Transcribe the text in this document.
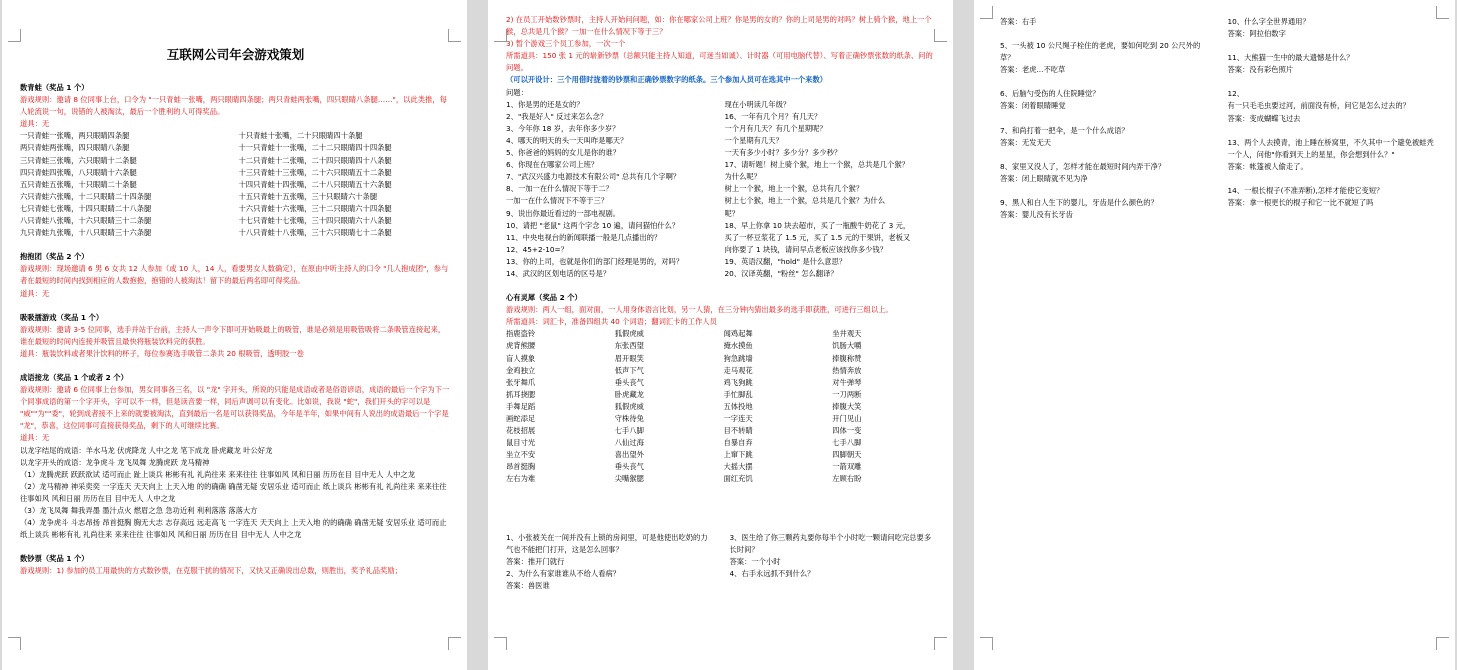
互联网公司年会游戏策划
数青蛙（奖品 1 个）
游戏规则：邀请 8 位同事上台，口令为 "一只青蛙一张嘴，两只眼睛四条腿；两只青蛙两张嘴，四只眼睛八条腿……"，以此类推，每人轮流说一句，说错的人被淘汰，最后一个胜利的人可得奖品。
道具：无
一只青蛙一张嘴，两只眼睛四条腿	十只青蛙十张嘴，二十只眼睛四十条腿
两只青蛙两张嘴，四只眼睛八条腿	十一只青蛙十一张嘴，二十二只眼睛四十四条腿
三只青蛙三张嘴，六只眼睛十二条腿	十二只青蛙十二张嘴，二十四只眼睛四十八条腿
四只青蛙四张嘴，八只眼睛十六条腿	十三只青蛙十三张嘴，二十六只眼睛五十二条腿
五只青蛙五张嘴，十只眼睛二十条腿	十四只青蛙十四张嘴，二十八只眼睛五十六条腿
六只青蛙六张嘴，十二只眼睛二十四条腿	十五只青蛙十五张嘴，三十只眼睛六十条腿
七只青蛙七张嘴，十四只眼睛二十八条腿	十六只青蛙十六张嘴，三十二只眼睛六十四条腿
八只青蛙八张嘴，十六只眼睛三十二条腿	十七只青蛙十七张嘴，三十四只眼睛六十八条腿
九只青蛙九张嘴，十八只眼睛三十六条腿	十八只青蛙十八张嘴，三十六只眼睛七十二条腿
抱抱团（奖品 2 个）
游戏规则：现场邀请 6 男 6 女共 12 人参加（或 10 人，14 人，看要男女人数确定），在原由中听主持人的口令 "几人抱成团"，参与者在最短的时间内找到相应的人数抱抱，抱错的人被淘汰！留下的最后两名即可得奖品。
道具：无
吸吸擂游戏（奖品 1 个）
游戏规则：邀请 3-5 位同事，选手并站于台前，主持人一声令下即可开始吸最上的吸管，谁是必须是用吸管吸将二条吸管连接起来，谁在最短的时间内连接并吸管且最快将瓶装饮料完的获胜。
道具：瓶装饮料或者果汁饮料的杯子，每位参赛选手吸管二条共 20 根吸管，透明胶一卷
成语接龙（奖品 1 个或者 2 个）
游戏规则：邀请 6 位同事上台参加，男女同事各三名，以 "龙" 字开头，所说的只能是成语或者是俗语谚语，成语的最后一个字为下一个同事成语的第一个字开头，字可以不一样，但是读音要一样，同后声调可以有变化。比如说，我说 "蛇"，我们开头的字可以是 "威""为""委"，轮到成者接不上来的就要被淘汰，直到最后一名是可以获得奖品，今年是羊年，如果中间有人说出的成语最后一个字是 "龙"，恭喜，这位同事可直接获得奖品，剩下的人可继续比赛。
道具：无
以龙字结尾的成语：羊水马龙 伏虎降龙 人中之龙 笔下成龙 卧虎藏龙 叶公好龙
以龙字开头的成语：龙争虎斗 龙飞凤舞 龙腾虎跃 龙马精神
（1）龙腾虎跃 跃跃欲试 适可而止 趾上谈兵 彬彬有礼 礼尚往来 来来往往 往事如风 风和日丽 历历在目 目中无人 人中之龙
（2）龙马精神 神采奕奕 一字连天 天天向上 上天入地 的的确确 确凿无疑 安居乐业 适可而止 纸上谈兵 彬彬有礼 礼尚往来 来来往往 往事如风 风和日丽 历历在目 目中无人 人中之龙
（3）龙飞凤舞 舞我弄墨 墨汁点火 燃眉之急 急功近利 利利落落 落落大方
（4）龙争虎斗 斗志昂扬 昂首挺胸 胸无大志 志存高远 远走高飞 一字连天 天天向上 上天入地 的的确确 确凿无疑 安居乐业 适可而止 纸上谈兵 彬彬有礼 礼尚往来 来来往往 往事如风 风和日丽 历历在目 目中无人 人中之龙
数钞票（奖品 1 个）
游戏规则：1) 参加的员工用最快的方式数钞票，在克服干扰的情况下，又快又正确说出总数，则胜出，奖予礼品奖励；
2) 在员工开始数钞票时，主持人开始问问题，如：你在哪家公司上班？你是男的女的？你的上司是男的对吗？树上骑个猴，地上一个猴，总共是几个猴？一加一在什么情况下等于三？
3) 暂个游戏三个员工参加，一次一个
所需道具：150 张 1 元的崭新钞票（总额只能主持人知道，可迷当如诚）、计时器（可用电脑代替）、写着正确钞票张数的纸条、问的问题。
（可以开设计：三个用借时拢着的钞票和正确钞票数字的纸条。三个参加人员可在选其中一个来数）
问题：
1、你是男的还是女的？	现在小明读几年级？
2、"我是好人" 反过来怎么念？	16、一年有几个月？有几天？
3、今年你 18 岁，去年你多少岁？	一个月有几天？有几个星期呢？
4、哪天的明天的头一天叫昨是哪天？	一个星期有几天？
5、你爸爸的妈妈的女儿是你的谁？	一天有多少小时？多少分？多少秒？
6、你现在在哪家公司上班？	17、请听题！树上骑个猴，地上一个猴，总共是几个猴？
7、"武汉兴盛力电源技术有限公司" 总共有几个字啊？	为什么呢？
8、一加一在什么情况下等于二？	树上一个猴，地上一个猴，总共有几个猴？
一加一在什么情况下不等于三？	树上七个猴，地上一个猴，总共是几个猴？为什么
9、说出你最近看过的一部电视剧。	呢？
10、请把 "老鼠" 这两个字念 10 遍，请问猫怕什么？	18、早上你拿 10 块去超市，买了一瓶酸牛奶花了 3 元，
11、中央电视台的新闻联播一般是几点播出的？	买了一杯豆浆花了 1.5 元，买了 1.5 元的干果饼，老板又
12、45+2-10=？	向你要了 1 块钱，请问早点老板应该找你多少钱？
13、你的上司，也就是你们的部门经理是男的，对吗？	19、英语汉翻，"hold" 是什么意思？
14、武汉的区划电话的区号是？	20、汉译英翻，"粉丝" 怎么翻译？
心有灵犀（奖品 2 个）
游戏规则：两人一组，面对面，一人用身体语言比划，另一人猜，在三分钟内猜出最多的选手即获胜，可进行三组以上。
所需道具：词汇卡，准备四组共 40 个词语；翻词汇卡的工作人员
指鹿盗铃	狐假虎威	闻鸡起舞	坐井观天
虎背熊腰	东张西望	掩水摸鱼	饥肠大嚼
盲人摸象	眉开眼笑	狗急跳墙	捧腹称赞
金鸡独立	低声下气	走马观花	热情奔放
张牙舞爪	垂头丧气	鸡飞狗跳	对牛弹琴
抓耳挠腮	卧虎藏龙	手忙脚乱	一刀两断
手舞足蹈	狐假虎威	五体投地	捧腹大笑
画蛇添足	守株待兔	一字连天	开门见山
花枝招展	七手八脚	目不转睛	四体一变
鼠目寸光	八仙过海	自暴自弃	七手八脚
坐立不安	喜出望外	上窜下跳	四脚朝天
昂首挺胸	垂头丧气	大摇大摆	一箭双雕
左右为难	尖嘴猴腮	面红充饥	左顾右盼
1、小张被关在一间并没有上锁的房间里，可是他使出吃奶的力气也不能把门打开，这是怎么回事？
3、医生给了你三颗药丸要你每半个小时吃一颗请问吃完总要多长时间？
答案：推开门就行	答案：一个小时
2、为什么有家谁谁从不给人看病？	4、右手永远抓不到什么？
答案：兽医谁
答案：右手
5、一头被 10 公尺绳子栓住的老虎，要如何吃到 20 公尺外的草？
答案：老虎...不吃草
6、后脑勺受伤的人住院睡觉？
答案：闭着眼睛睡觉
7、和尚打着一把伞，是一个什么成语？
答案：无发无天
8、家里又没人了，怎样才能在最短时间内弄干净？
答案：闭上眼睛就不见为净
9、黑人和白人生下的婴儿，牙齿是什么颜色的？
答案：婴儿没有长牙齿
10、什么字全世界通用？
答案：阿拉伯数字
11、大熊猫一生中的最大遗憾是什么？
答案：没有彩色照片
12、
有一只毛毛虫要过河，前面没有桥，问它是怎么过去的？
答案：变成蝴蝶飞过去
13、两个人去摸青，池上睡在桥窝里，不久其中一个避免被蛙秃一个人，问他"你看到天上的星星，你会想到什么？"
答案：帐篷被人偷走了。
14、一根长棍子(不准弄断),怎样才能使它变短？
答案：拿一根更长的棍子和它一比不就短了吗
